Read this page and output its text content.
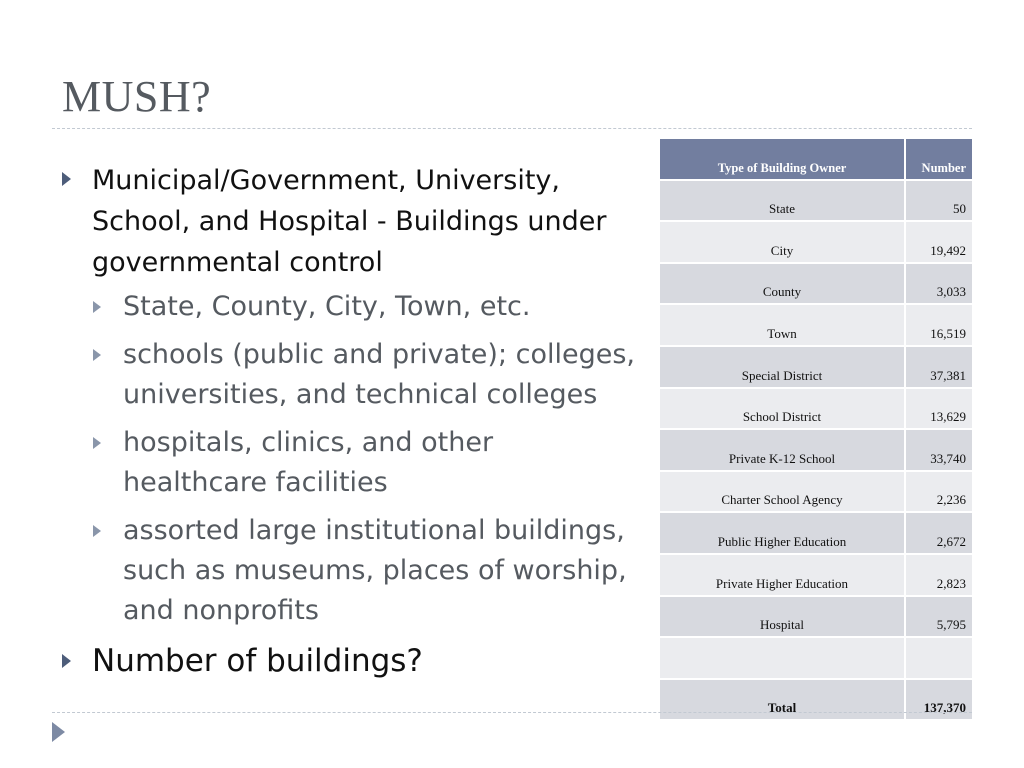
MUSH?
Municipal/Government, University, School, and Hospital - Buildings under governmental control
State, County, City, Town, etc.
schools (public and private); colleges, universities, and technical colleges
hospitals, clinics, and other healthcare facilities
assorted large institutional buildings, such as museums, places of worship, and nonprofits
Number of buildings?
Type of Building Owner	Number
State	50
City	19,492
County	3,033
Town	16,519
Special District	37,381
School District	13,629
Private K-12 School	33,740
Charter School Agency	2,236
Public Higher Education	2,672
Private Higher Education	2,823
Hospital	5,795

Total	137,370
